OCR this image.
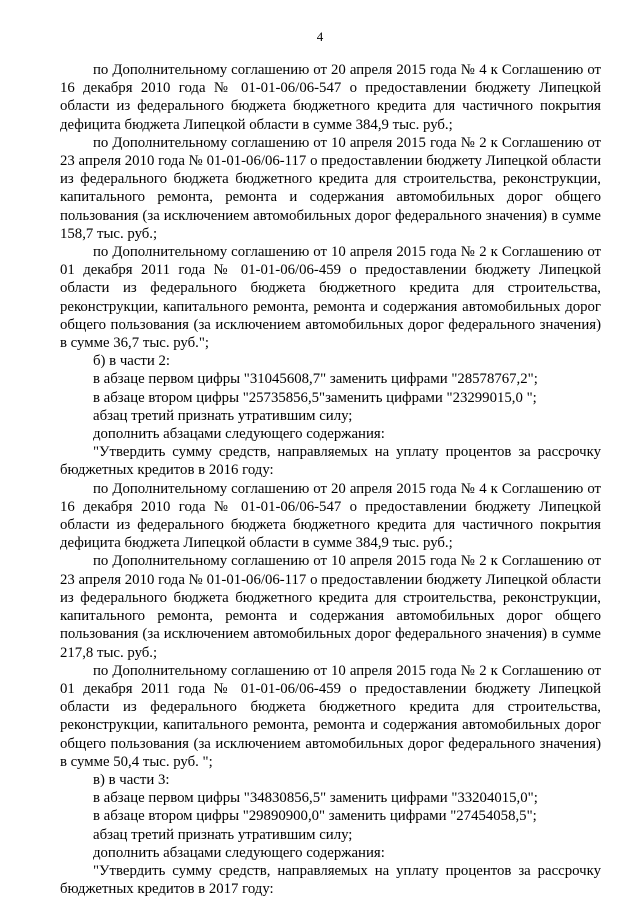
4

по Дополнительному соглашению от 20 апреля 2015 года № 4 к Соглашению от 16 декабря 2010 года № 01-01-06/06-547 о предоставлении бюджету Липецкой области из федерального бюджета бюджетного кредита для частичного покрытия дефицита бюджета Липецкой области в сумме 384,9 тыс. руб.;

по Дополнительному соглашению от 10 апреля 2015 года № 2 к Соглашению от 23 апреля 2010 года № 01-01-06/06-117 о предоставлении бюджету Липецкой области из федерального бюджета бюджетного кредита для строительства, реконструкции, капитального ремонта, ремонта и содержания автомобильных дорог общего пользования (за исключением автомобильных дорог федерального значения) в сумме 158,7 тыс. руб.;

по Дополнительному соглашению от 10 апреля 2015 года № 2 к Соглашению от 01 декабря 2011 года № 01-01-06/06-459 о предоставлении бюджету Липецкой области из федерального бюджета бюджетного кредита для строительства, реконструкции, капитального ремонта, ремонта и содержания автомобильных дорог общего пользования (за исключением автомобильных дорог федерального значения) в сумме 36,7 тыс. руб.";

б) в части 2:

в абзаце первом цифры "31045608,7" заменить цифрами "28578767,2";

в абзаце втором цифры "25735856,5"заменить цифрами "23299015,0 ";

абзац третий признать утратившим силу;

дополнить абзацами следующего содержания:

"Утвердить сумму средств, направляемых на уплату процентов за рассрочку бюджетных кредитов в 2016 году:

по Дополнительному соглашению от 20 апреля 2015 года № 4 к Соглашению от 16 декабря 2010 года № 01-01-06/06-547 о предоставлении бюджету Липецкой области из федерального бюджета бюджетного кредита для частичного покрытия дефицита бюджета Липецкой области в сумме 384,9 тыс. руб.;

по Дополнительному соглашению от 10 апреля 2015 года № 2 к Соглашению от 23 апреля 2010 года № 01-01-06/06-117 о предоставлении бюджету Липецкой области из федерального бюджета бюджетного кредита для строительства, реконструкции, капитального ремонта, ремонта и содержания автомобильных дорог общего пользования (за исключением автомобильных дорог федерального значения) в сумме 217,8 тыс. руб.;

по Дополнительному соглашению от 10 апреля 2015 года № 2 к Соглашению от 01 декабря 2011 года № 01-01-06/06-459 о предоставлении бюджету Липецкой области из федерального бюджета бюджетного кредита для строительства, реконструкции, капитального ремонта, ремонта и содержания автомобильных дорог общего пользования (за исключением автомобильных дорог федерального значения) в сумме 50,4 тыс. руб. ";

в) в части 3:

в абзаце первом цифры "34830856,5" заменить цифрами "33204015,0";

в абзаце втором цифры "29890900,0" заменить цифрами "27454058,5";

абзац третий признать утратившим силу;

дополнить абзацами следующего содержания:

"Утвердить сумму средств, направляемых на уплату процентов за рассрочку бюджетных кредитов в 2017 году:
